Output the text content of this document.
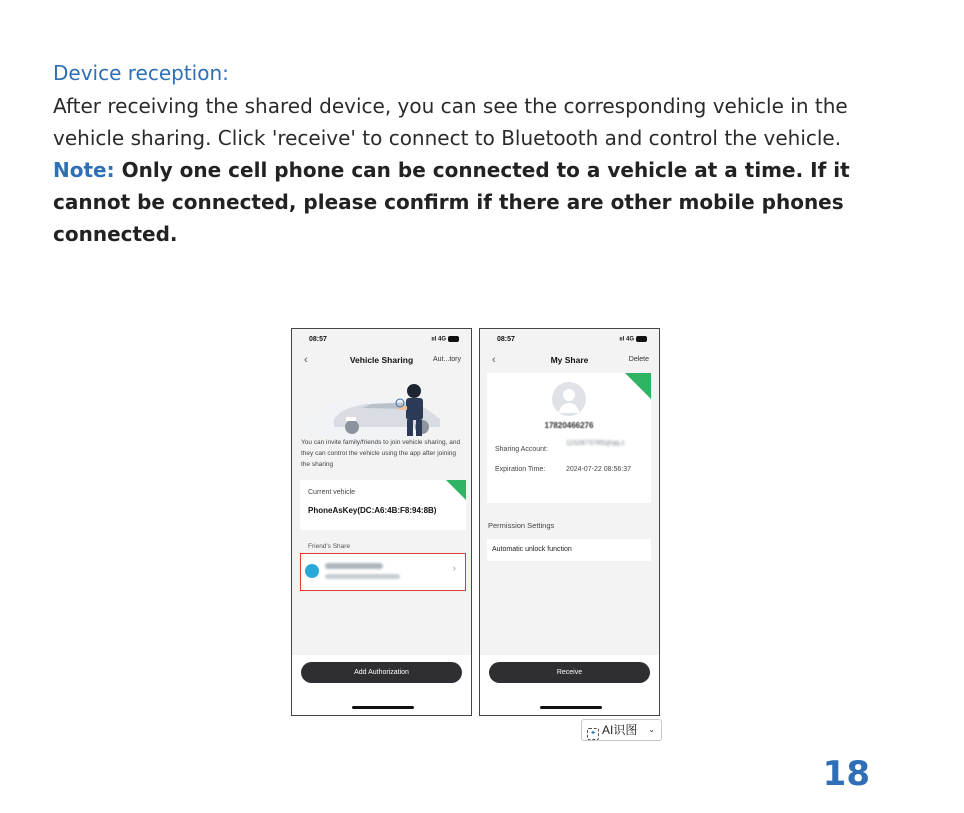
Device reception:
After receiving the shared device, you can see the corresponding vehicle in the vehicle sharing. Click 'receive' to connect to Bluetooth and control the vehicle.
Note: Only one cell phone can be connected to a vehicle at a time. If it cannot be connected, please confirm if there are other mobile phones connected.
08:57	ııl 4G
‹	Vehicle Sharing	Aut...tory
You can invite family/friends to join vehicle sharing, and they can control the vehicle using the app after joining the sharing
Current vehicle
PhoneAsKey(DC:A6:4B:F8:94:8B)
Friend's Share
›
Add Authorization
08:57	ııl 4G
‹	My Share	Delete
17820466276
Sharing Account:
1152873785@qq.c
Expiration Time:	2024-07-22 08:56:37
Permission Settings
Automatic unlock function
Receive
✦ AI识图 ⌄
18
